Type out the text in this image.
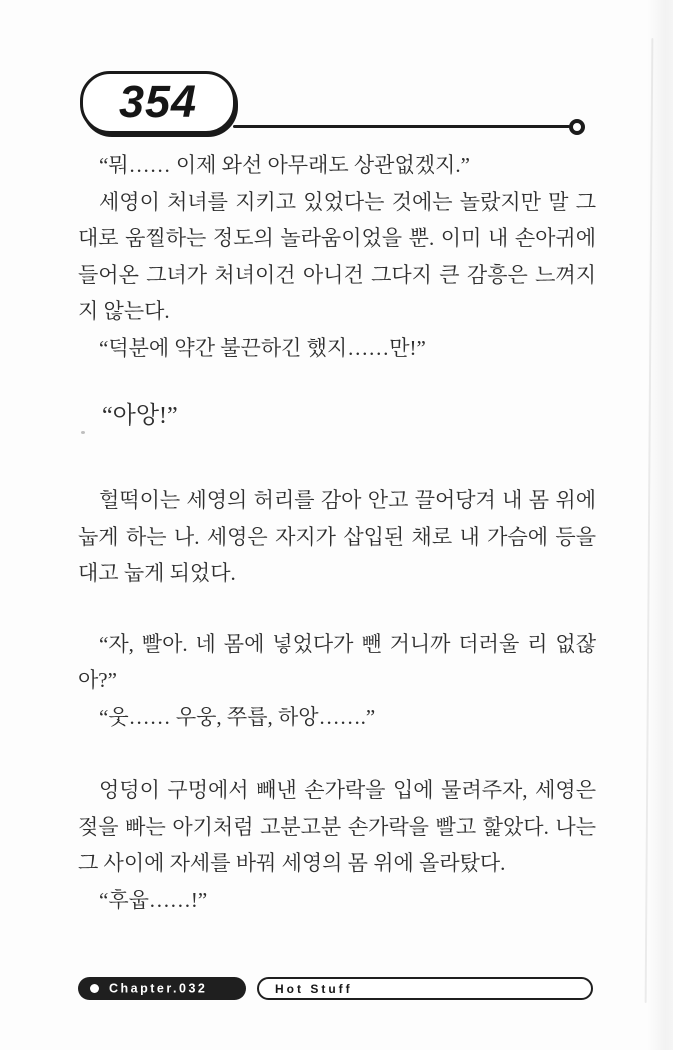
354

“뭐…… 이제 와선 아무래도 상관없겠지.”

세영이 처녀를 지키고 있었다는 것에는 놀랐지만 말 그대로 움찔하는 정도의 놀라움이었을 뿐. 이미 내 손아귀에 들어온 그녀가 처녀이건 아니건 그다지 큰 감흥은 느껴지지 않는다.

“덕분에 약간 불끈하긴 했지……만!”

“아앙!”

헐떡이는 세영의 허리를 감아 안고 끌어당겨 내 몸 위에 눕게 하는 나. 세영은 자지가 삽입된 채로 내 가슴에 등을 대고 눕게 되었다.

“자, 빨아. 네 몸에 넣었다가 뺀 거니까 더러울 리 없잖아?”

“웃…… 우웅, 쭈릅, 하앙…….”

엉덩이 구멍에서 빼낸 손가락을 입에 물려주자, 세영은 젖을 빠는 아기처럼 고분고분 손가락을 빨고 핥았다. 나는 그 사이에 자세를 바꿔 세영의 몸 위에 올라탔다.

“후웁……!”

Chapter.032	Hot Stuff
